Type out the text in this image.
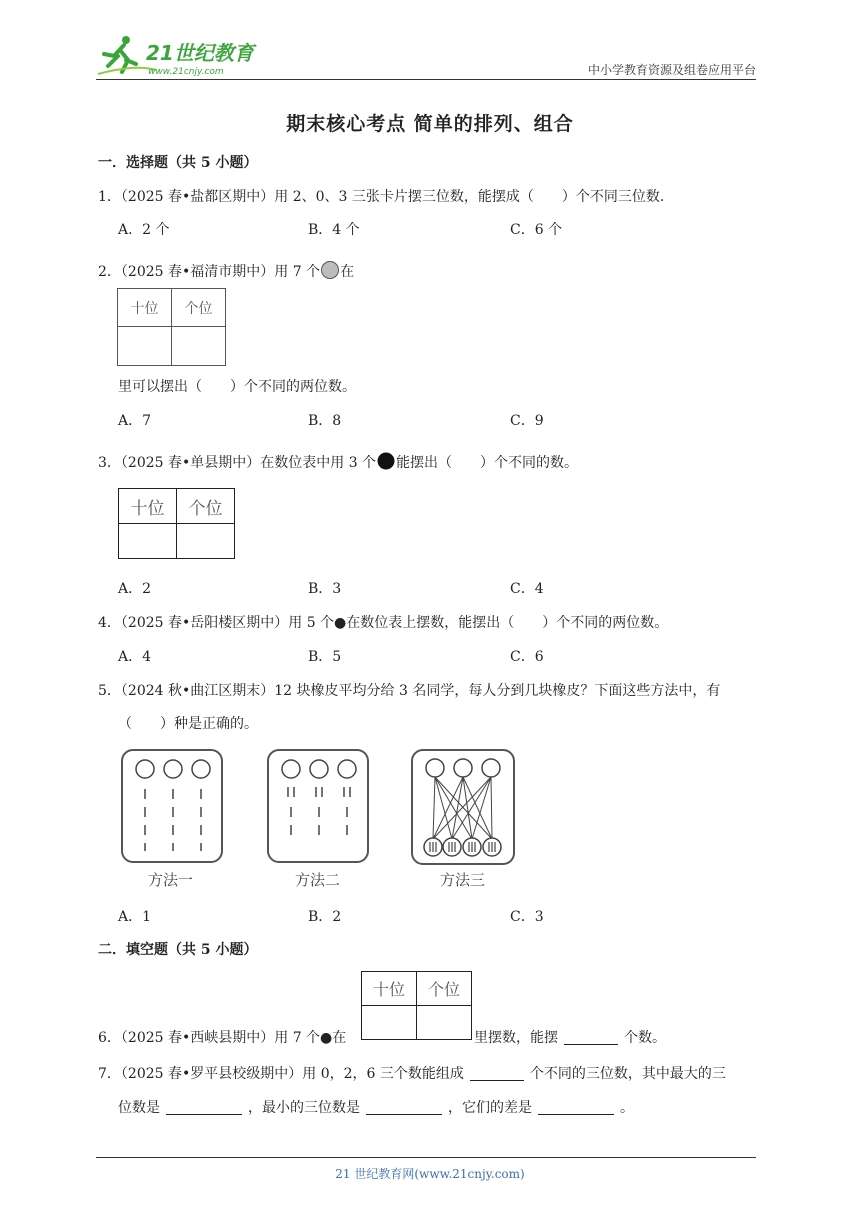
21世纪教育
www.21cnjy.com	中小学教育资源及组卷应用平台
期末核心考点 简单的排列、组合
一．选择题（共 5 小题）
1．（2025 春•盐都区期中）用 2、0、3 三张卡片摆三位数，能摆成（　　）个不同三位数．
A．2 个	B．4 个	C．6 个
2．（2025 春•福清市期中）用 7 个 在
十位	个位

里可以摆出（　　）个不同的两位数。
A．7	B．8	C．9
3．（2025 春•单县期中）在数位表中用 3 个 能摆出（　　）个不同的数。
十位	个位

A．2	B．3	C．4
4．（2025 春•岳阳楼区期中）用 5 个●在数位表上摆数，能摆出（　　）个不同的两位数。
A．4	B．5	C．6
5．（2024 秋•曲江区期末）12 块橡皮平均分给 3 名同学，每人分到几块橡皮？下面这些方法中，有
（　　）种是正确的。
方法一	方法二	方法三
A．1	B．2	C．3
二．填空题（共 5 小题）
十位	个位

6．（2025 春•西峡县期中）用 7 个●在	里摆数，能摆	个数。
7．（2025 春•罗平县校级期中）用 0，2，6 三个数能组成	个不同的三位数，其中最大的三
位数是	，最小的三位数是	，它们的差是	。
21 世纪教育网(www.21cnjy.com)
